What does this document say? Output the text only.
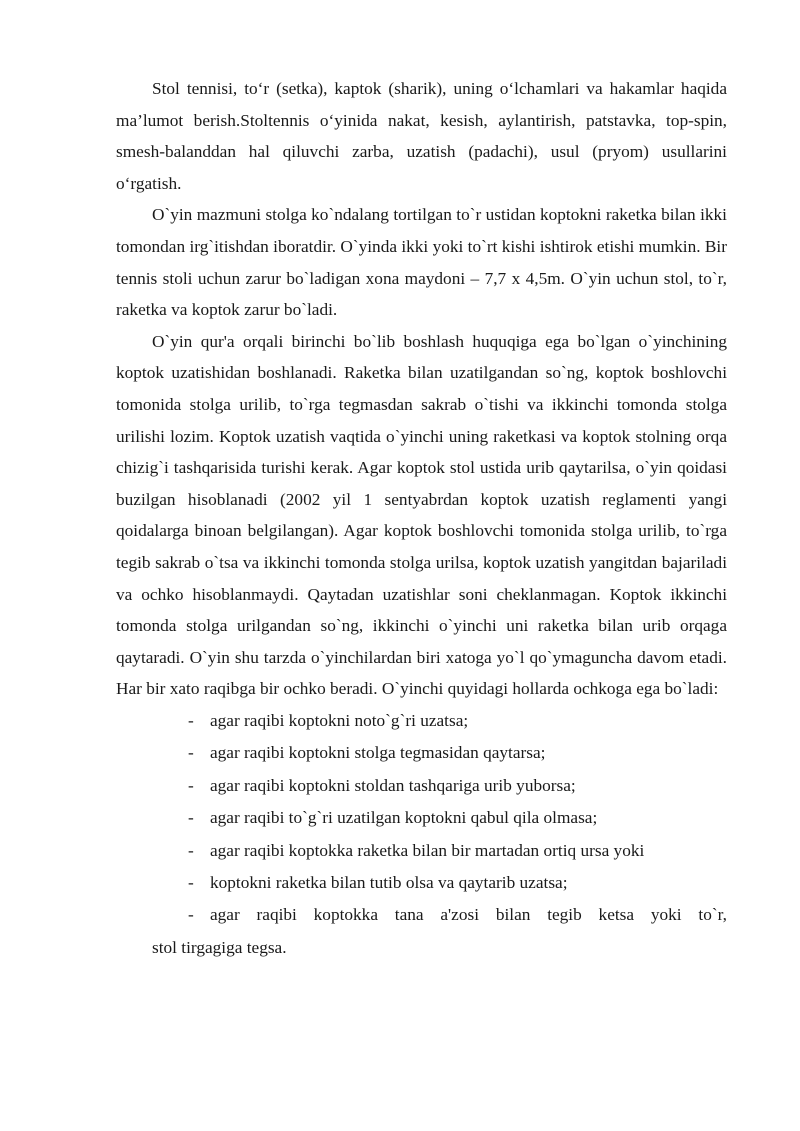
Stol tennisi, to‘r (setka), kaptok (sharik), uning o‘lchamlari va hakamlar haqida ma’lumot berish.Stoltennis o‘yinida nakat, kesish, aylantirish, patstavka, top-spin, smesh-balanddan hal qiluvchi zarba, uzatish (padachi), usul (pryom) usullarini o‘rgatish.

O`yin mazmuni stolga ko`ndalang tortilgan to`r ustidan koptokni raketka bilan ikki tomondan irg`itishdan iboratdir. O`yinda ikki yoki to`rt kishi ishtirok etishi mumkin. Bir tennis stoli uchun zarur bo`ladigan xona maydoni – 7,7 x 4,5m. O`yin uchun stol, to`r, raketka va koptok zarur bo`ladi.

O`yin qur'a orqali birinchi bo`lib boshlash huquqiga ega bo`lgan o`yinchining koptok uzatishidan boshlanadi. Raketka bilan uzatilgandan so`ng, koptok boshlovchi tomonida stolga urilib, to`rga tegmasdan sakrab o`tishi va ikkinchi tomonda stolga urilishi lozim. Koptok uzatish vaqtida o`yinchi uning raketkasi va koptok stolning orqa chizig`i tashqarisida turishi kerak. Agar koptok stol ustida urib qaytarilsa, o`yin qoidasi buzilgan hisoblanadi (2002 yil 1 sentyabrdan koptok uzatish reglamenti yangi qoidalarga binoan belgilangan). Agar koptok boshlovchi tomonida stolga urilib, to`rga tegib sakrab o`tsa va ikkinchi tomonda stolga urilsa, koptok uzatish yangitdan bajariladi va ochko hisoblanmaydi. Qaytadan uzatishlar soni cheklanmagan. Koptok ikkinchi tomonda stolga urilgandan so`ng, ikkinchi o`yinchi uni raketka bilan urib orqaga qaytaradi. O`yin shu tarzda o`yinchilardan biri xatoga yo`l qo`ymaguncha davom etadi. Har bir xato raqibga bir ochko beradi. O`yinchi quyidagi hollarda ochkoga ega bo`ladi:

- agar raqibi koptokni noto`g`ri uzatsa;
- agar raqibi koptokni stolga tegmasidan qaytarsa;
- agar raqibi koptokni stoldan tashqariga urib yuborsa;
- agar raqibi to`g`ri uzatilgan koptokni qabul qila olmasa;
- agar raqibi koptokka raketka bilan bir martadan ortiq ursa yoki
- koptokni raketka bilan tutib olsa va qaytarib uzatsa;
- agar raqibi koptokka tana a'zosi bilan tegib ketsa yoki to`r,
stol tirgagiga tegsa.
